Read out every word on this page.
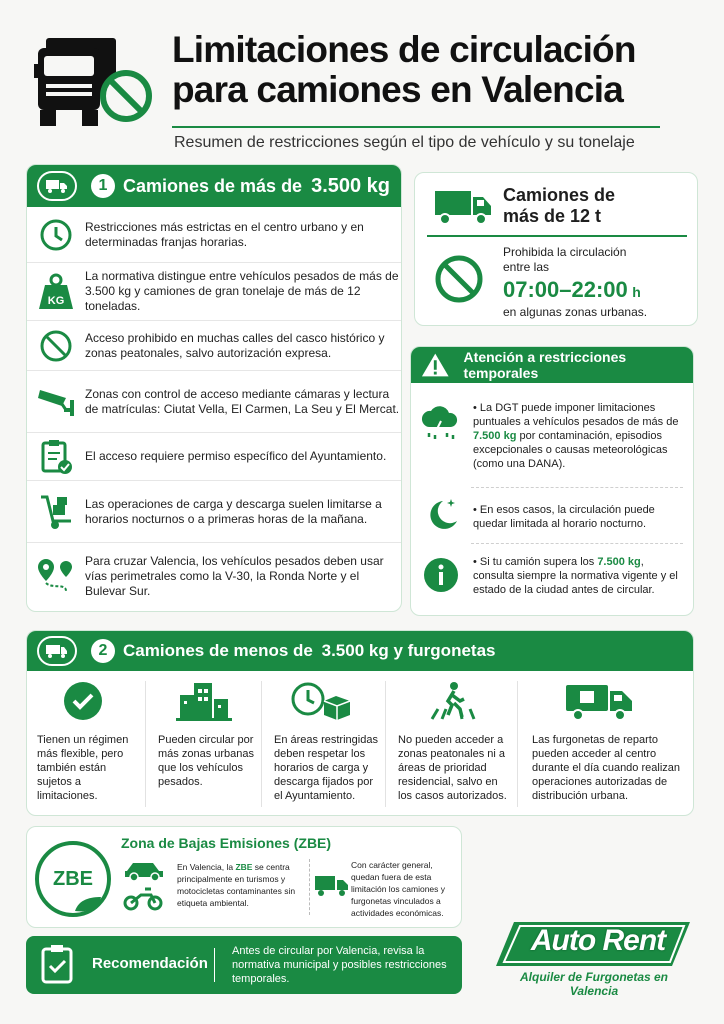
Limitaciones de circulación para camiones en Valencia
Resumen de restricciones según el tipo de vehículo y su tonelaje
1 Camiones de más de 3.500 kg
Restricciones más estrictas en el centro urbano y en determinadas franjas horarias.
KG
La normativa distingue entre vehículos pesados de más de 3.500 kg y camiones de gran tonelaje de más de 12 toneladas.
Acceso prohibido en muchas calles del casco histórico y zonas peatonales, salvo autorización expresa.
Zonas con control de acceso mediante cámaras y lectura de matrículas: Ciutat Vella, El Carmen, La Seu y El Mercat.
El acceso requiere permiso específico del Ayuntamiento.
Las operaciones de carga y descarga suelen limitarse a horarios nocturnos o a primeras horas de la mañana.
Para cruzar Valencia, los vehículos pesados deben usar vías perimetrales como la V-30, la Ronda Norte y el Bulevar Sur.
Camiones de más de 12 t
Prohibida la circulación entre las
07:00–22:00 h
en algunas zonas urbanas.
Atención a restricciones temporales
• La DGT puede imponer limitaciones puntuales a vehículos pesados de más de 7.500 kg por contaminación, episodios excepcionales o causas meteorológicas (como una DANA).
• En esos casos, la circulación puede quedar limitada al horario nocturno.
• Si tu camión supera los 7.500 kg, consulta siempre la normativa vigente y el estado de la ciudad antes de circular.
2 Camiones de menos de 3.500 kg y furgonetas
Tienen un régimen más flexible, pero también están sujetos a limitaciones.
Pueden circular por más zonas urbanas que los vehículos pesados.
En áreas restringidas deben respetar los horarios de carga y descarga fijados por el Ayuntamiento.
No pueden acceder a zonas peatonales ni a áreas de prioridad residencial, salvo en los casos autorizados.
Las furgonetas de reparto pueden acceder al centro durante el día cuando realizan operaciones autorizadas de distribución urbana.
ZBE
Zona de Bajas Emisiones (ZBE)
En Valencia, la ZBE se centra principalmente en turismos y motocicletas contaminantes sin etiqueta ambiental.
Con carácter general, quedan fuera de esta limitación los camiones y furgonetas vinculados a actividades económicas.
Recomendación
Antes de circular por Valencia, revisa la normativa municipal y posibles restricciones temporales.
Auto Rent
Alquiler de Furgonetas en Valencia
